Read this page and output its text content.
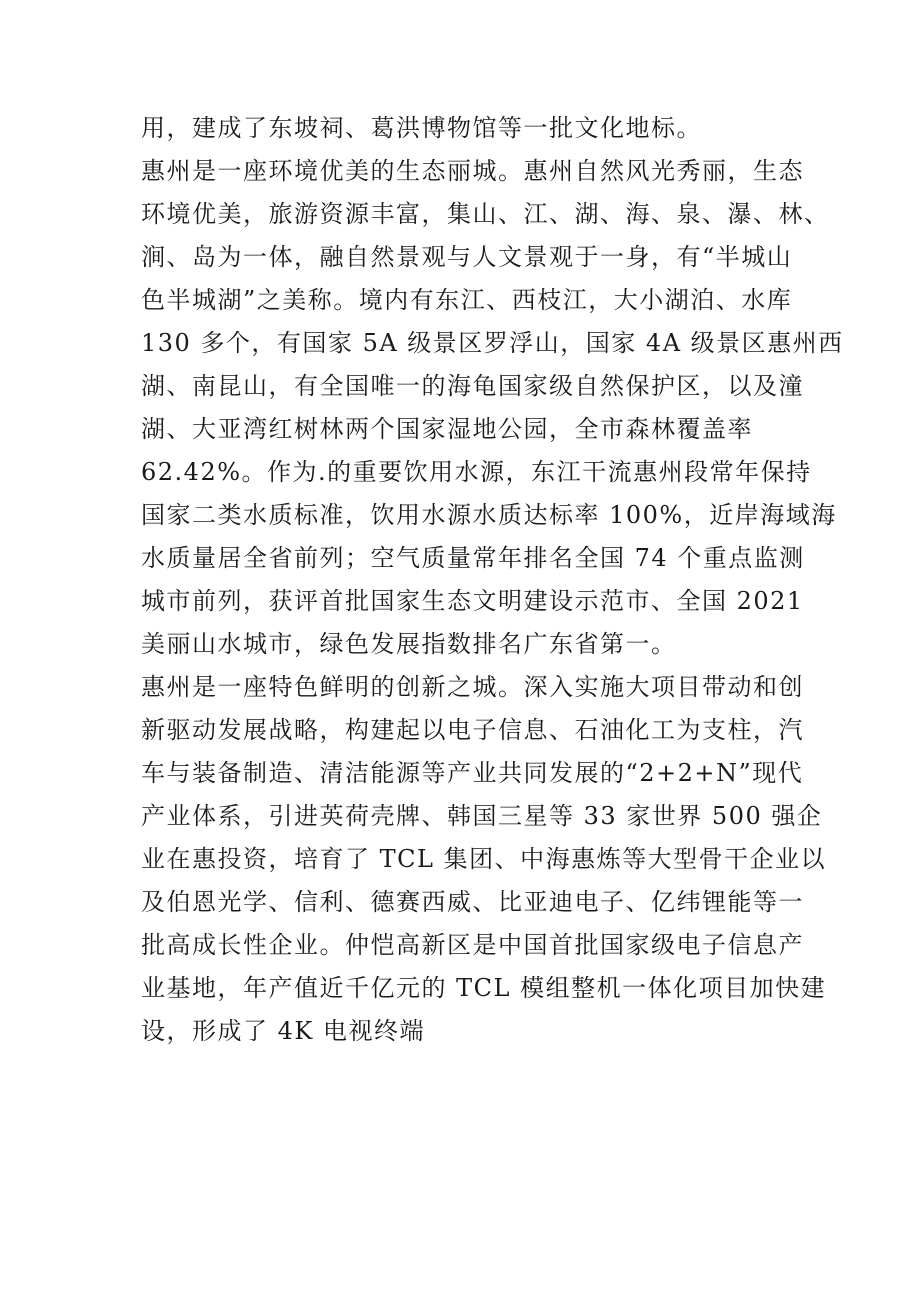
用，建成了东坡祠、葛洪博物馆等一批文化地标。
惠州是一座环境优美的生态丽城。惠州自然风光秀丽，生态
环境优美，旅游资源丰富，集山、江、湖、海、泉、瀑、林、
涧、岛为一体，融自然景观与人文景观于一身，有“半城山
色半城湖”之美称。境内有东江、西枝江，大小湖泊、水库
130 多个，有国家 5A 级景区罗浮山，国家 4A 级景区惠州西
湖、南昆山，有全国唯一的海龟国家级自然保护区，以及潼
湖、大亚湾红树林两个国家湿地公园，全市森林覆盖率
62.42%。作为.的重要饮用水源，东江干流惠州段常年保持
国家二类水质标准，饮用水源水质达标率 100%，近岸海域海
水质量居全省前列；空气质量常年排名全国 74 个重点监测
城市前列，获评首批国家生态文明建设示范市、全国 2021
美丽山水城市，绿色发展指数排名广东省第一。
惠州是一座特色鲜明的创新之城。深入实施大项目带动和创
新驱动发展战略，构建起以电子信息、石油化工为支柱，汽
车与装备制造、清洁能源等产业共同发展的“2+2+N”现代
产业体系，引进英荷壳牌、韩国三星等 33 家世界 500 强企
业在惠投资，培育了 TCL 集团、中海惠炼等大型骨干企业以
及伯恩光学、信利、德赛西威、比亚迪电子、亿纬锂能等一
批高成长性企业。仲恺高新区是中国首批国家级电子信息产
业基地，年产值近千亿元的 TCL 模组整机一体化项目加快建
设，形成了 4K 电视终端
